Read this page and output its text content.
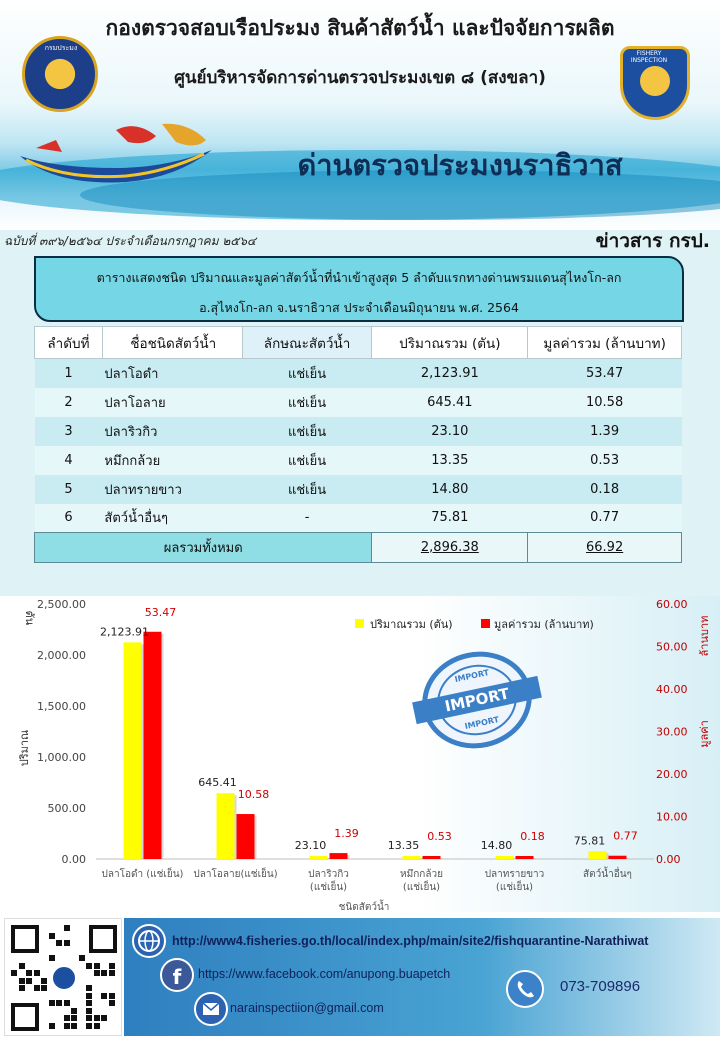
กรมประมง
FISHERY INSPECTION
กองตรวจสอบเรือประมง สินค้าสัตว์น้ำ และปัจจัยการผลิต
ศูนย์บริหารจัดการด่านตรวจประมงเขต ๘ (สงขลา)
ด่านตรวจประมงนราธิวาส
ฉบับที่ ๓๙๖/๒๕๖๔ ประจำเดือนกรกฎาคม ๒๕๖๔	ข่าวสาร กรป.
ตารางแสดงชนิด ปริมาณและมูลค่าสัตว์น้ำที่นำเข้าสูงสุด 5 ลำดับแรกทางด่านพรมแดนสุไหงโก-ลก
อ.สุไหงโก-ลก จ.นราธิวาส ประจำเดือนมิถุนายน พ.ศ. 2564
ลำดับที่	ชื่อชนิดสัตว์น้ำ	ลักษณะสัตว์น้ำ	ปริมาณรวม (ตัน)	มูลค่ารวม (ล้านบาท)
1	ปลาโอดำ	แช่เย็น	2,123.91	53.47
2	ปลาโอลาย	แช่เย็น	645.41	10.58
3	ปลาริวกิว	แช่เย็น	23.10	1.39
4	หมึกกล้วย	แช่เย็น	13.35	0.53
5	ปลาทรายขาว	แช่เย็น	14.80	0.18
6	สัตว์น้ำอื่นๆ	-	75.81	0.77
ผลรวมทั้งหมด			2,896.38	66.92
0.00
500.00
1,000.00
1,500.00
2,000.00
2,500.00
0.00
10.00
20.00
30.00
40.00
50.00
60.00
ปริมาณ
ตัน
มูลค่า
ล้านบาท
ชนิดสัตว์น้ำ
2,123.91
53.47
ปลาโอดำ (แช่เย็น)
645.41
10.58
ปลาโอลาย(แช่เย็น)
23.10
1.39
ปลาริวกิว
(แช่เย็น)
13.35
0.53
หมึกกล้วย
(แช่เย็น)
14.80
0.18
ปลาทรายขาว
(แช่เย็น)
75.81 0.77
สัตว์น้ำอื่นๆ
ปริมาณรวม (ตัน)	มูลค่ารวม (ล้านบาท)
IMPORT
IMPORT
IMPORT
http://www4.fisheries.go.th/local/index.php/main/site2/fishquarantine-Narathiwat
f	https://www.facebook.com/anupong.buapetch
narainspectiion@gmail.com
073-709896
